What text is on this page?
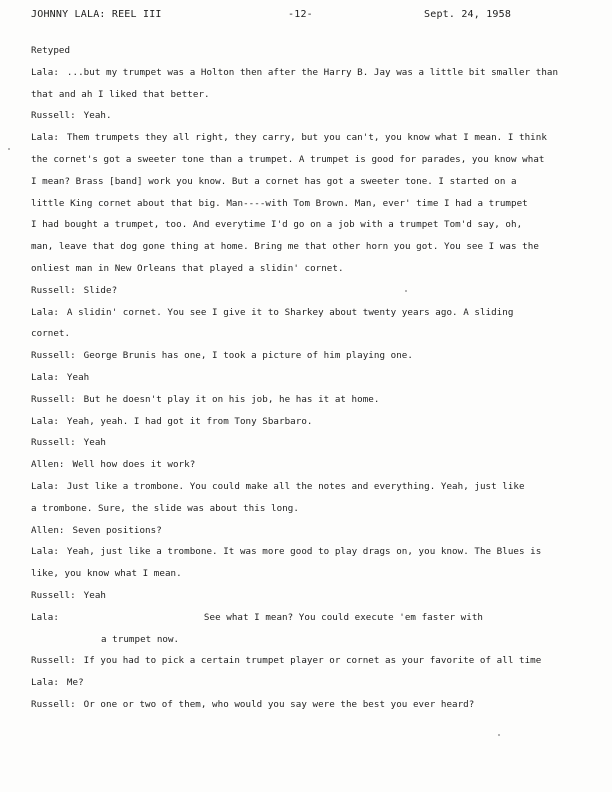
JOHNNY LALA: REEL III	-12-	Sept. 24, 1958
Retyped
Lala: ...but my trumpet was a Holton then after the Harry B. Jay was a little bit smaller than
that and ah I liked that better.
Russell: Yeah.
Lala: Them trumpets they all right, they carry, but you can't, you know what I mean. I think
the cornet's got a sweeter tone than a trumpet. A trumpet is good for parades, you know what
I mean? Brass [band] work you know. But a cornet has got a sweeter tone. I started on a
little King cornet about that big. Man----with Tom Brown. Man, ever' time I had a trumpet
I had bought a trumpet, too. And everytime I'd go on a job with a trumpet Tom'd say, oh,
man, leave that dog gone thing at home. Bring me that other horn you got. You see I was the
onliest man in New Orleans that played a slidin' cornet.
Russell: Slide?
Lala: A slidin' cornet. You see I give it to Sharkey about twenty years ago. A sliding
cornet.
Russell: George Brunis has one, I took a picture of him playing one.
Lala: Yeah
Russell: But he doesn't play it on his job, he has it at home.
Lala: Yeah, yeah. I had got it from Tony Sbarbaro.
Russell: Yeah
Allen: Well how does it work?
Lala: Just like a trombone. You could make all the notes and everything. Yeah, just like
a trombone. Sure, the slide was about this long.
Allen: Seven positions?
Lala: Yeah, just like a trombone. It was more good to play drags on, you know. The Blues is
like, you know what I mean.
Russell: Yeah
Lala:	See what I mean? You could execute 'em faster with
a trumpet now.
Russell: If you had to pick a certain trumpet player or cornet as your favorite of all time
Lala: Me?
Russell: Or one or two of them, who would you say were the best you ever heard?
